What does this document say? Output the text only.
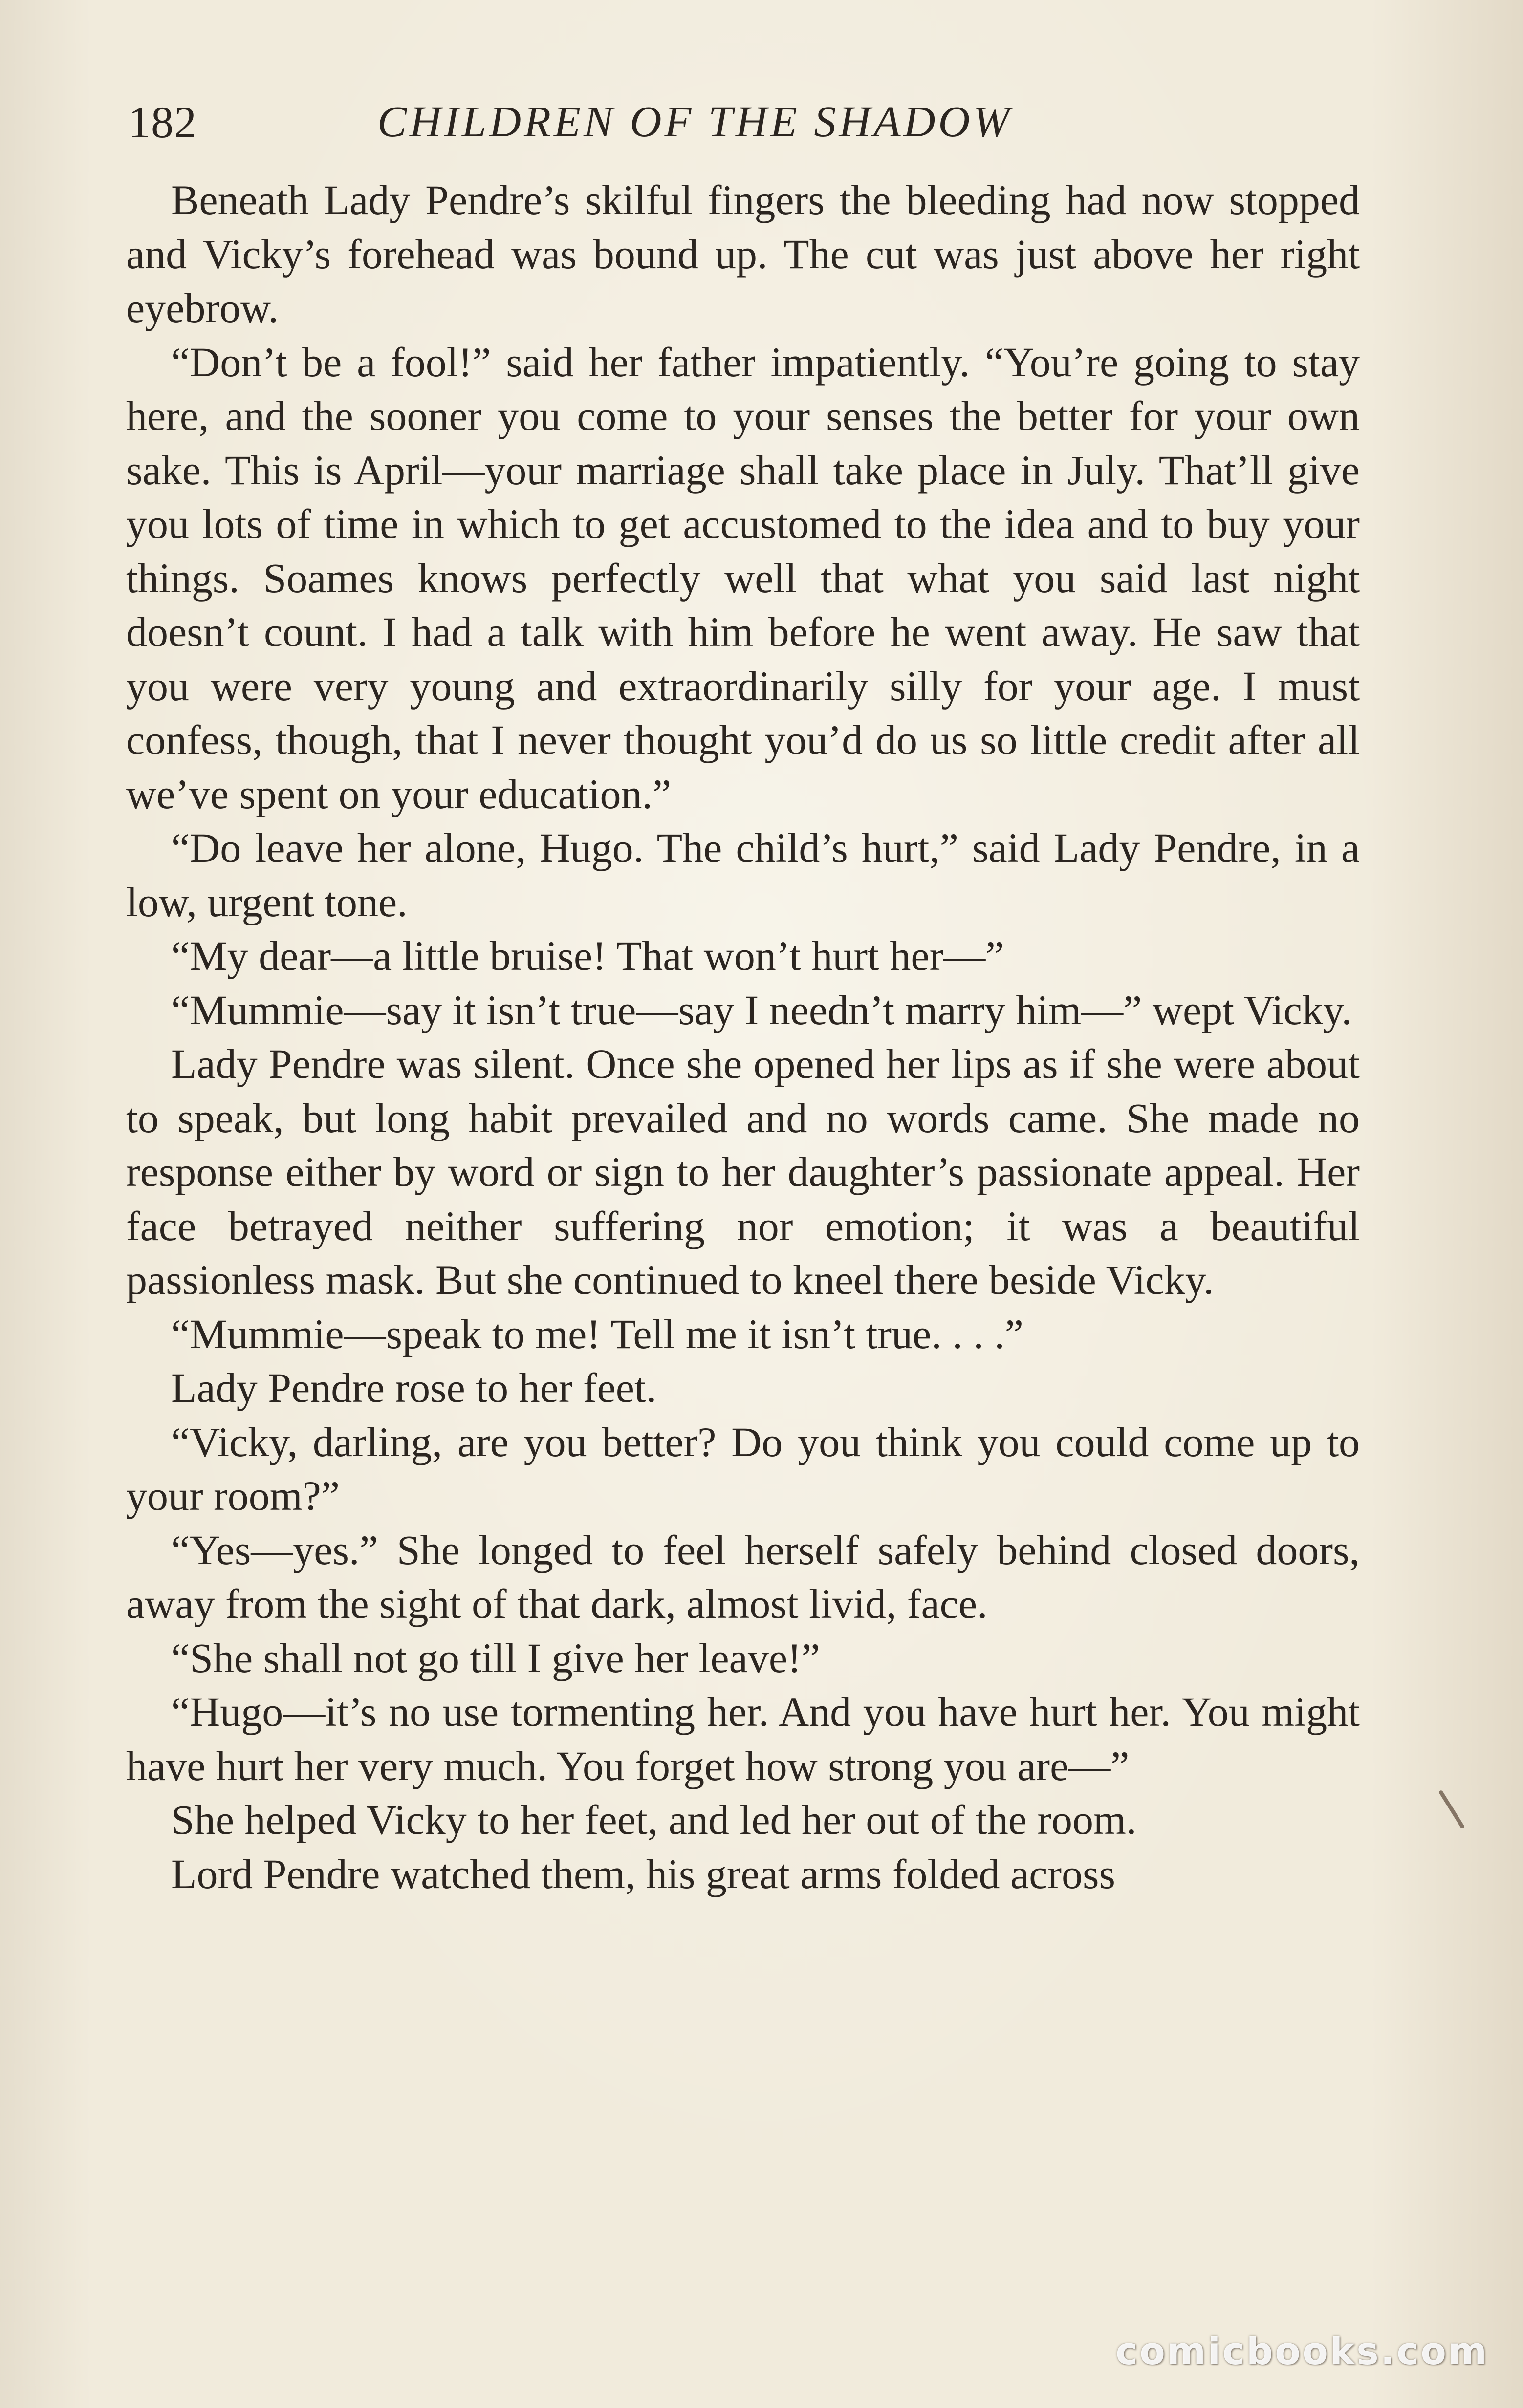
182	CHILDREN OF THE SHADOW

Beneath Lady Pendre’s skilful fingers the bleeding had now stopped and Vicky’s forehead was bound up. The cut was just above her right eyebrow.

“Don’t be a fool!” said her father impatiently. “You’re going to stay here, and the sooner you come to your senses the better for your own sake. This is April—your marriage shall take place in July. That’ll give you lots of time in which to get accustomed to the idea and to buy your things. Soames knows perfectly well that what you said last night doesn’t count. I had a talk with him before he went away. He saw that you were very young and extraordinarily silly for your age. I must confess, though, that I never thought you’d do us so little credit after all we’ve spent on your education.”

“Do leave her alone, Hugo. The child’s hurt,” said Lady Pendre, in a low, urgent tone.

“My dear—a little bruise! That won’t hurt her—”

“Mummie—say it isn’t true—say I needn’t marry him—” wept Vicky.

Lady Pendre was silent. Once she opened her lips as if she were about to speak, but long habit prevailed and no words came. She made no response either by word or sign to her daughter’s passionate appeal. Her face betrayed neither suffering nor emotion; it was a beautiful passionless mask. But she continued to kneel there beside Vicky.

“Mummie—speak to me! Tell me it isn’t true. . . .”

Lady Pendre rose to her feet.

“Vicky, darling, are you better? Do you think you could come up to your room?”

“Yes—yes.” She longed to feel herself safely behind closed doors, away from the sight of that dark, almost livid, face.

“She shall not go till I give her leave!”

“Hugo—it’s no use tormenting her. And you have hurt her. You might have hurt her very much. You forget how strong you are—”

She helped Vicky to her feet, and led her out of the room.

Lord Pendre watched them, his great arms folded across

comicbooks.com
